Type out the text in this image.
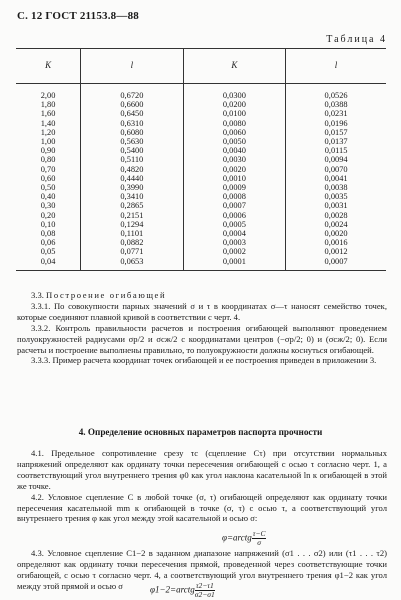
С. 12 ГОСТ 21153.8—88
Таблица 4
K	l	K	l
2,00	0,6720	0,0300	0,0526
1,80	0,6600	0,0200	0,0388
1,60	0,6450	0,0100	0,0231
1,40	0,6310	0,0080	0,0196
1,20	0,6080	0,0060	0,0157
1,00	0,5630	0,0050	0,0137
0,90	0,5400	0,0040	0,0115
0,80	0,5110	0,0030	0,0094
0,70	0,4820	0,0020	0,0070
0,60	0,4440	0,0010	0,0041
0,50	0,3990	0,0009	0,0038
0,40	0,3410	0,0008	0,0035
0,30	0,2865	0,0007	0,0031
0,20	0,2151	0,0006	0,0028
0,10	0,1294	0,0005	0,0024
0,08	0,1101	0,0004	0,0020
0,06	0,0882	0,0003	0,0016
0,05	0,0771	0,0002	0,0012
0,04	0,0653	0,0001	0,0007

3.3. Построение огибающей

3.3.1. По совокупности парных значений σ и τ в координатах σ—τ наносят семейство точек, которые соединяют плавной кривой в соответствии с черт. 4.

3.3.2. Контроль правильности расчетов и построения огибающей выполняют проведением полуокружностей радиусами σp/2 и σсж/2 с координатами центров (−σp/2; 0) и (σсж/2; 0). Если расчеты и построение выполнены правильно, то полуокружности должны коснуться огибающей.

3.3.3. Пример расчета координат точек огибающей и ее построения приведен в приложении 3.

4. Определение основных параметров паспорта прочности

4.1. Предельное сопротивление срезу τc (сцепление Cτ) при отсутствии нормальных напряжений определяют как ординату точки пересечения огибающей с осью τ согласно черт. 1, а соответствующий угол внутреннего трения φ0 как угол наклона касательной ln к огибающей в этой же точке.

4.2. Условное сцепление C в любой точке (σ, τ) огибающей определяют как ординату точки пересечения касательной mm к огибающей в точке (σ, τ) с осью τ, а соответствующий угол внутреннего трения φ как угол между этой касательной и осью σ:

φ=arctg $\frac{\tau-C}{\sigma}$

4.3. Условное сцепление C1−2 в заданном диапазоне напряжений (σ1 . . . σ2) или (τ1 . . . τ2) определяют как ординату точки пересечения прямой, проведенной через соответствующие точки огибающей, с осью τ согласно черт. 4, а соответствующий угол внутреннего трения φ1−2 как угол между этой прямой и осью σ	φ1−2=arctg $\frac{\tau 2-\tau 1}{\sigma 2-\sigma 1}$
